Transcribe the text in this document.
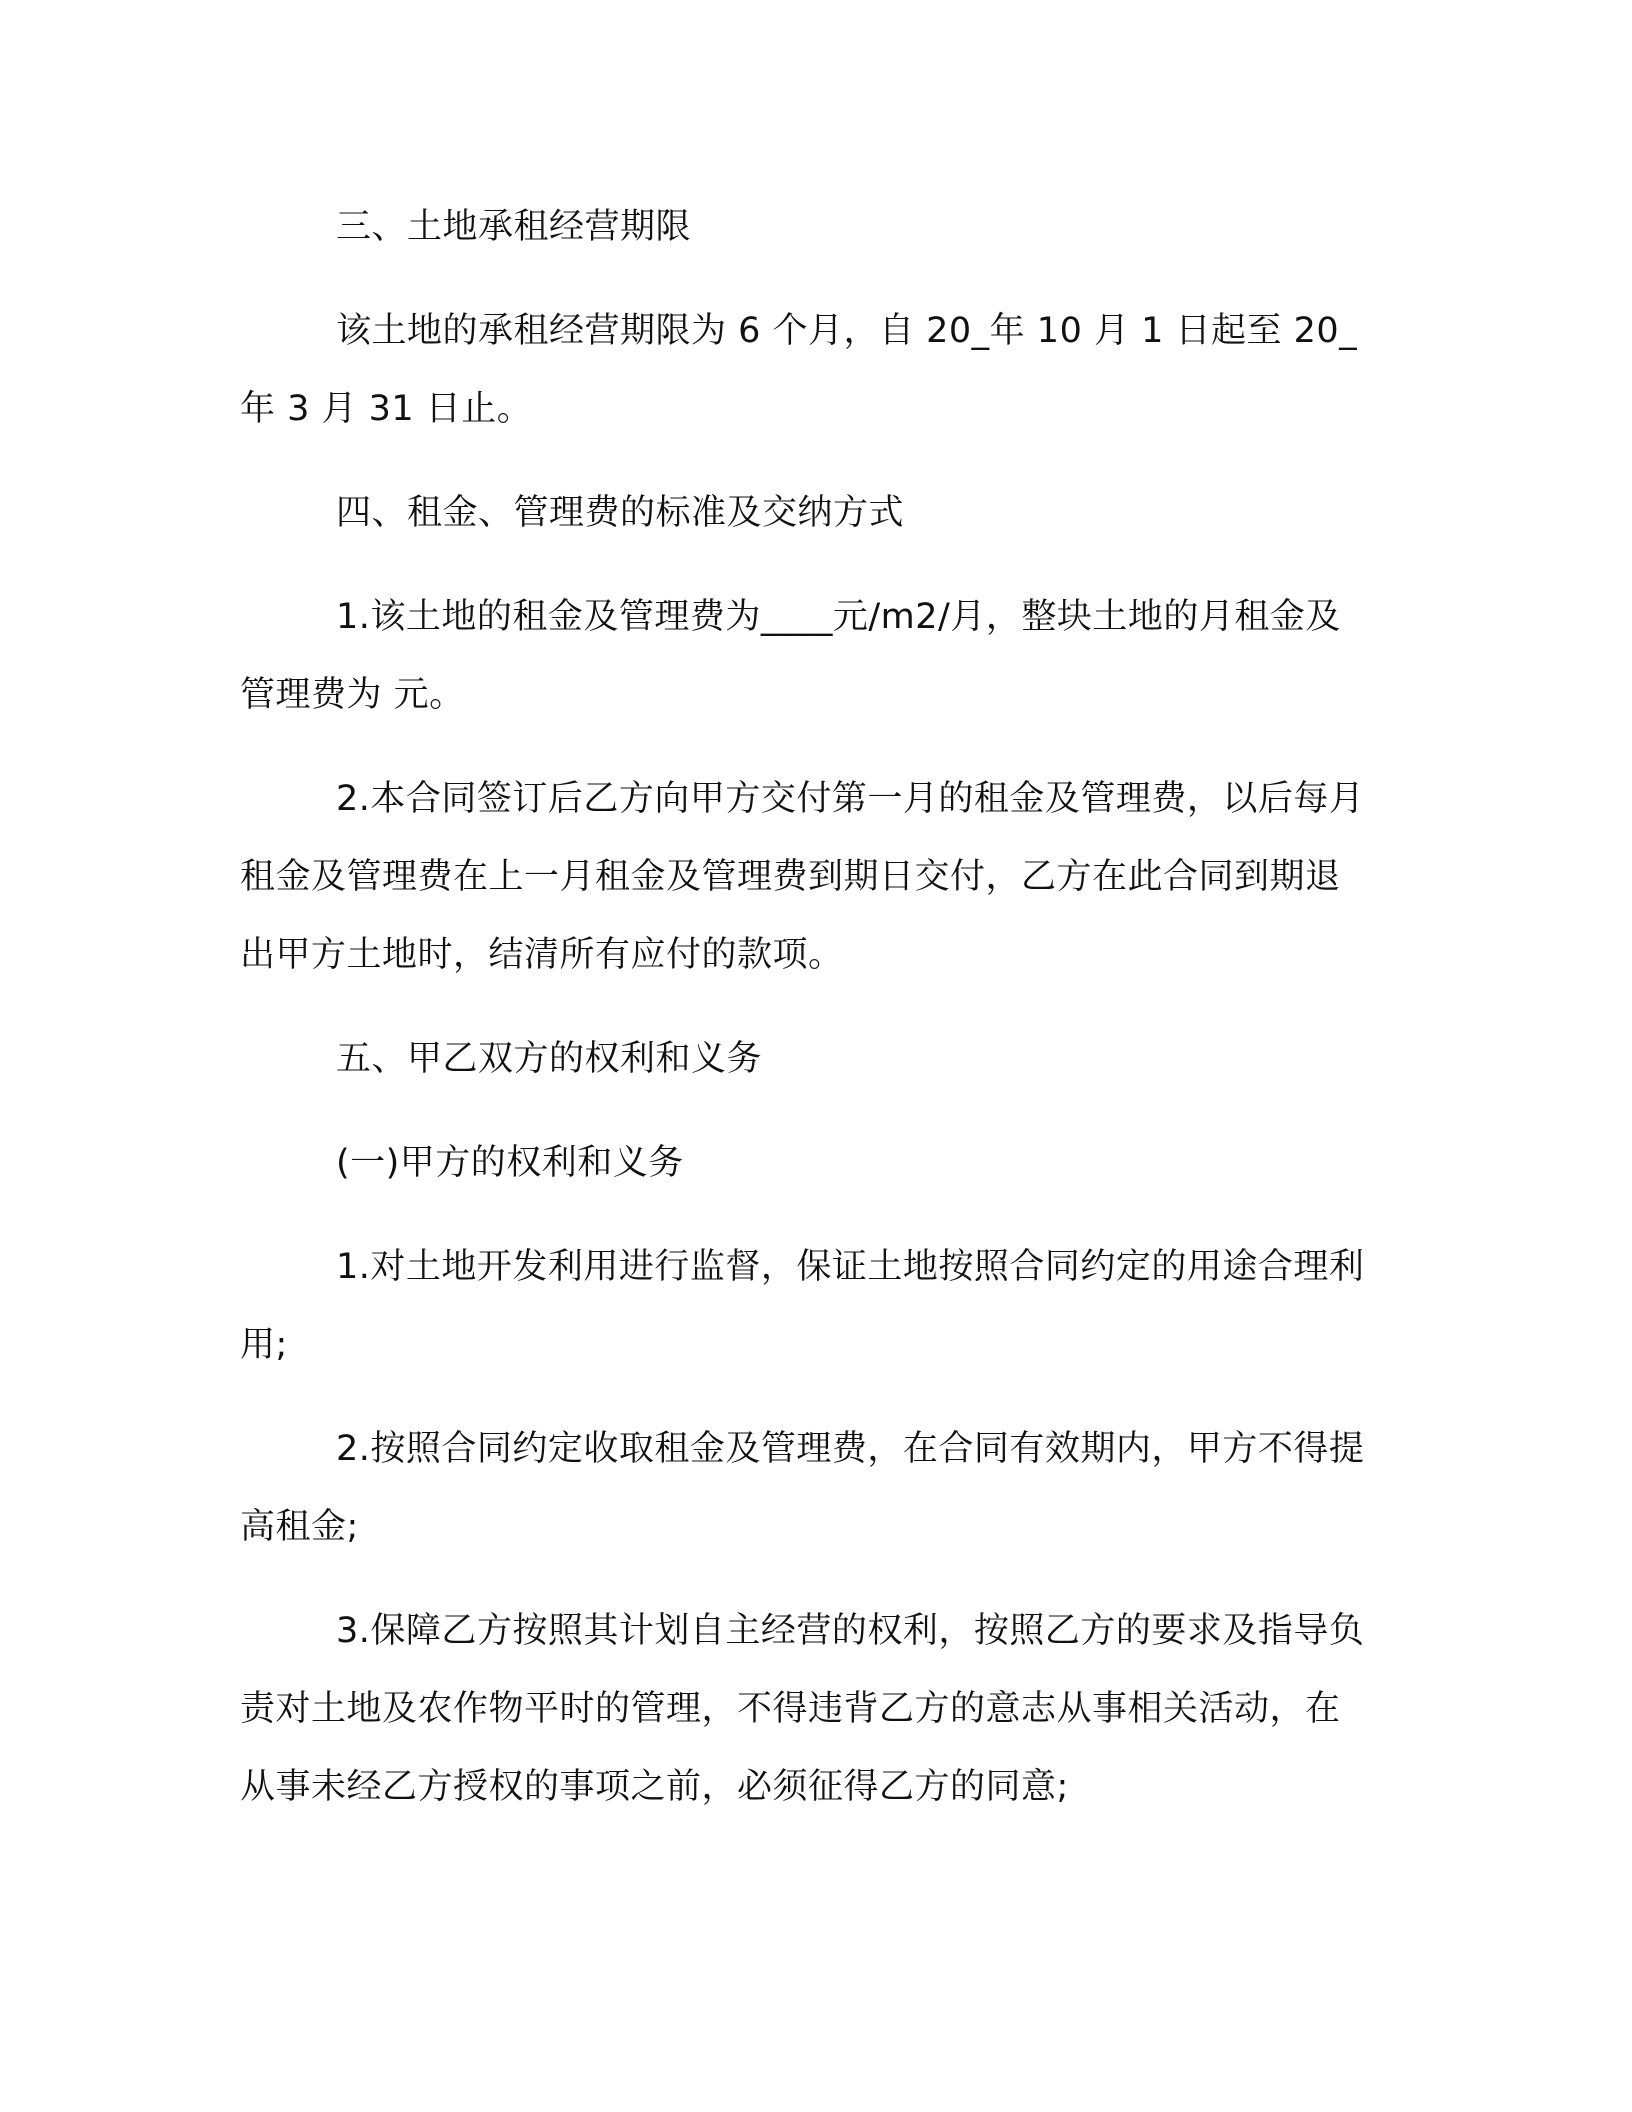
三、土地承租经营期限

该土地的承租经营期限为 6 个月，自 20_年 10 月 1 日起至 20_年 3 月 31 日止。

四、租金、管理费的标准及交纳方式

1.该土地的租金及管理费为____元/m2/月，整块土地的月租金及管理费为 元。

2.本合同签订后乙方向甲方交付第一月的租金及管理费，以后每月租金及管理费在上一月租金及管理费到期日交付，乙方在此合同到期退出甲方土地时，结清所有应付的款项。

五、甲乙双方的权利和义务

(一)甲方的权利和义务

1.对土地开发利用进行监督，保证土地按照合同约定的用途合理利用;

2.按照合同约定收取租金及管理费，在合同有效期内，甲方不得提高租金;

3.保障乙方按照其计划自主经营的权利，按照乙方的要求及指导负责对土地及农作物平时的管理，不得违背乙方的意志从事相关活动，在从事未经乙方授权的事项之前，必须征得乙方的同意;
